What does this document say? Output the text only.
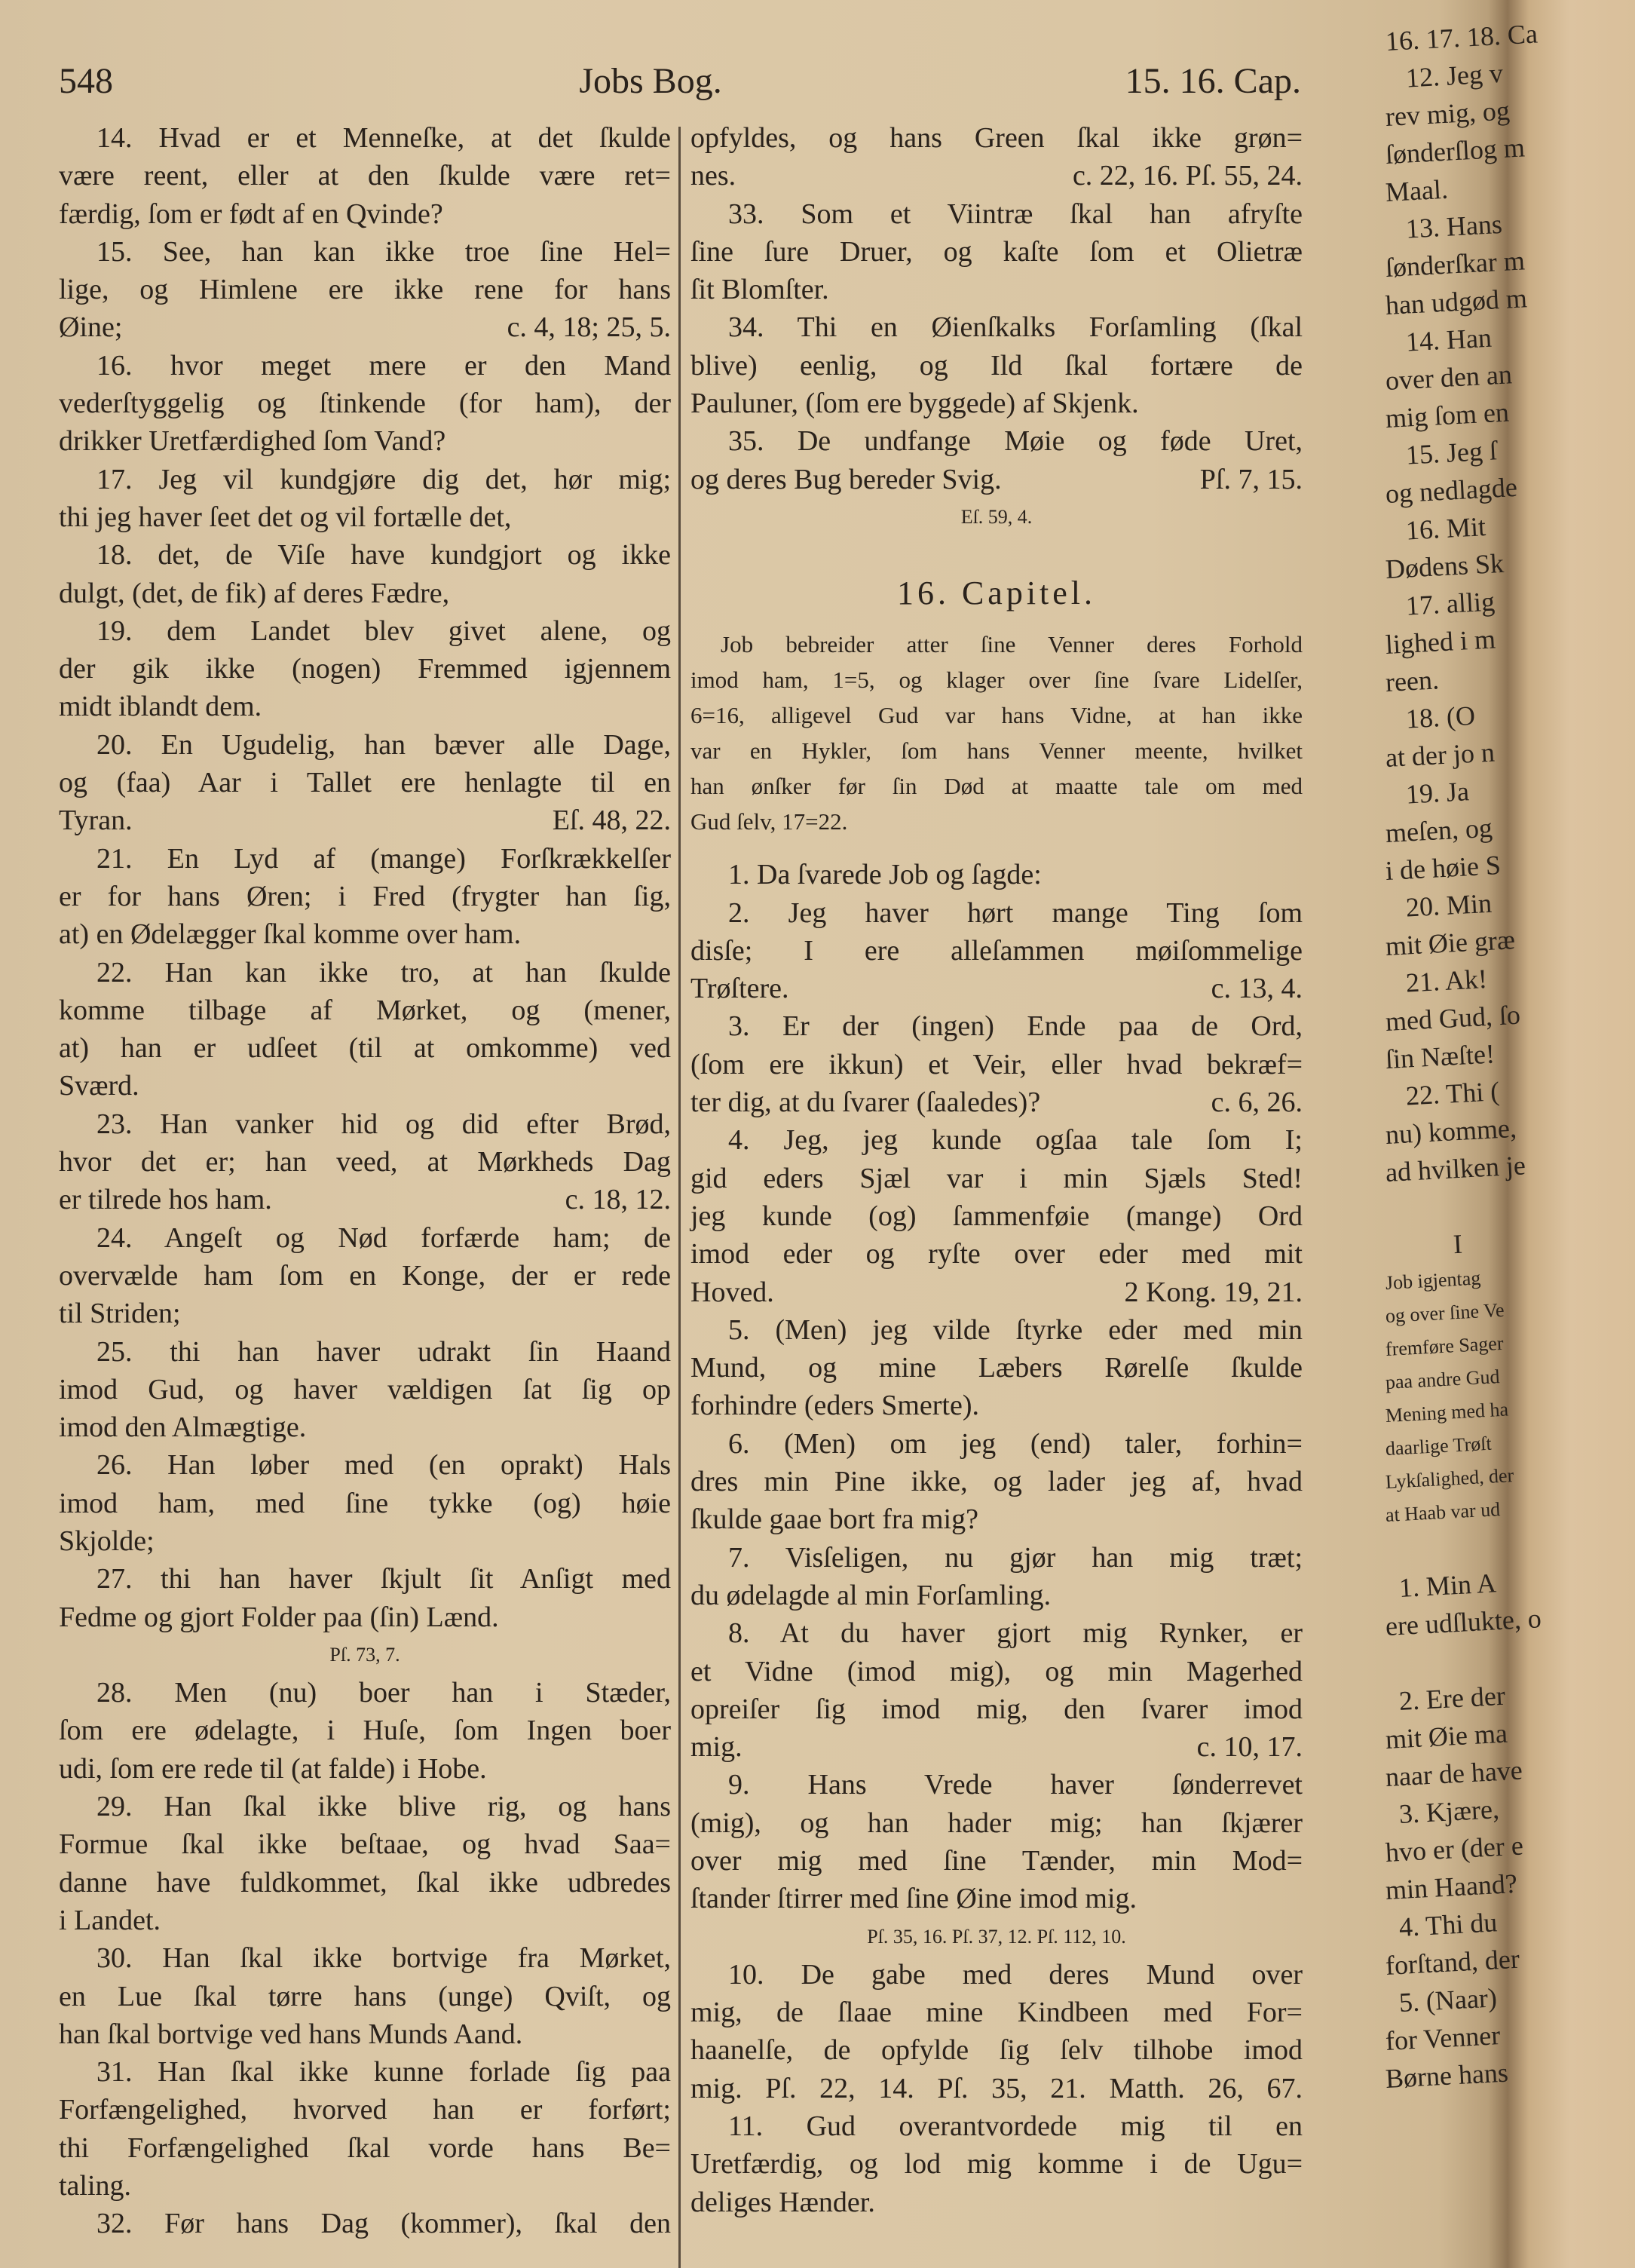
548	Jobs Bog.	15. 16. Cap.
14. Hvad er et Menneſke, at det ſkulde
være reent, eller at den ſkulde være ret=
færdig, ſom er født af en Qvinde?
15. See, han kan ikke troe ſine Hel=
lige, og Himlene ere ikke rene for hans
Øine;	c. 4, 18; 25, 5.
16. hvor meget mere er den Mand
vederſtyggelig og ſtinkende (for ham), der
drikker Uretfærdighed ſom Vand?
17. Jeg vil kundgjøre dig det, hør mig;
thi jeg haver ſeet det og vil fortælle det,
18. det, de Viſe have kundgjort og ikke
dulgt, (det, de fik) af deres Fædre,
19. dem Landet blev givet alene, og
der gik ikke (nogen) Fremmed igjennem
midt iblandt dem.
20. En Ugudelig, han bæver alle Dage,
og (faa) Aar i Tallet ere henlagte til en
Tyran.	Eſ. 48, 22.
21. En Lyd af (mange) Forſkrækkelſer
er for hans Øren; i Fred (frygter han ſig,
at) en Ødelægger ſkal komme over ham.
22. Han kan ikke tro, at han ſkulde
komme tilbage af Mørket, og (mener,
at) han er udſeet (til at omkomme) ved
Sværd.
23. Han vanker hid og did efter Brød,
hvor det er; han veed, at Mørkheds Dag
er tilrede hos ham.	c. 18, 12.
24. Angeſt og Nød forfærde ham; de
overvælde ham ſom en Konge, der er rede
til Striden;
25. thi han haver udrakt ſin Haand
imod Gud, og haver vældigen ſat ſig op
imod den Almægtige.
26. Han løber med (en oprakt) Hals
imod ham, med ſine tykke (og) høie
Skjolde;
27. thi han haver ſkjult ſit Anſigt med
Fedme og gjort Folder paa (ſin) Lænd.
Pſ. 73, 7.
28. Men (nu) boer han i Stæder,
ſom ere ødelagte, i Huſe, ſom Ingen boer
udi, ſom ere rede til (at falde) i Hobe.
29. Han ſkal ikke blive rig, og hans
Formue ſkal ikke beſtaae, og hvad Saa=
danne have fuldkommet, ſkal ikke udbredes
i Landet.
30. Han ſkal ikke bortvige fra Mørket,
en Lue ſkal tørre hans (unge) Qviſt, og
han ſkal bortvige ved hans Munds Aand.
31. Han ſkal ikke kunne forlade ſig paa
Forfængelighed, hvorved han er forført;
thi Forfængelighed ſkal vorde hans Be=
taling.
32. Før hans Dag (kommer), ſkal den
opfyldes, og hans Green ſkal ikke grøn=
nes.	c. 22, 16. Pſ. 55, 24.
33. Som et Viintræ ſkal han afryſte
ſine ſure Druer, og kaſte ſom et Olietræ
ſit Blomſter.
34. Thi en Øienſkalks Forſamling (ſkal
blive) eenlig, og Ild ſkal fortære de
Pauluner, (ſom ere byggede) af Skjenk.
35. De undfange Møie og føde Uret,
og deres Bug bereder Svig.	Pſ. 7, 15.
Eſ. 59, 4.
16. Capitel.
Job bebreider atter ſine Venner deres Forhold
imod ham, 1=5, og klager over ſine ſvare Lidelſer,
6=16, alligevel Gud var hans Vidne, at han ikke
var en Hykler, ſom hans Venner meente, hvilket
han ønſker før ſin Død at maatte tale om med
Gud ſelv, 17=22.
1. Da ſvarede Job og ſagde:
2. Jeg haver hørt mange Ting ſom
disſe; I ere alleſammen møiſommelige
Trøſtere.	c. 13, 4.
3. Er der (ingen) Ende paa de Ord,
(ſom ere ikkun) et Veir, eller hvad bekræf=
ter dig, at du ſvarer (ſaaledes)?	c. 6, 26.
4. Jeg, jeg kunde ogſaa tale ſom I;
gid eders Sjæl var i min Sjæls Sted!
jeg kunde (og) ſammenføie (mange) Ord
imod eder og ryſte over eder med mit
Hoved.	2 Kong. 19, 21.
5. (Men) jeg vilde ſtyrke eder med min
Mund, og mine Læbers Rørelſe ſkulde
forhindre (eders Smerte).
6. (Men) om jeg (end) taler, forhin=
dres min Pine ikke, og lader jeg af, hvad
ſkulde gaae bort fra mig?
7. Visſeligen, nu gjør han mig træt;
du ødelagde al min Forſamling.
8. At du haver gjort mig Rynker, er
et Vidne (imod mig), og min Magerhed
opreiſer ſig imod mig, den ſvarer imod
mig.	c. 10, 17.
9. Hans Vrede haver ſønderrevet
(mig), og han hader mig; han ſkjærer
over mig med ſine Tænder, min Mod=
ſtander ſtirrer med ſine Øine imod mig.
Pſ. 35, 16. Pſ. 37, 12. Pſ. 112, 10.
10. De gabe med deres Mund over
mig, de ſlaae mine Kindbeen med For=
haanelſe, de opfylde ſig ſelv tilhobe imod
mig. Pſ. 22, 14. Pſ. 35, 21. Matth. 26, 67.
11. Gud overantvordede mig til en
Uretfærdig, og lod mig komme i de Ugu=
deliges Hænder.
16. 17. 18. Ca
12. Jeg v
rev mig, og
ſønderſlog m
Maal.
13. Hans
ſønderſkar m
han udgød m
14. Han
over den an
mig ſom en
15. Jeg ſ
og nedlagde
16. Mit
Dødens Sk
17. allig
lighed i m
reen.
18. (O
at der jo n
19. Ja
meſen, og
i de høie S
20. Min
mit Øie græ
21. Ak!
med Gud, ſo
ſin Næſte!
22. Thi (
nu) komme,
ad hvilken je
I
Job igjentag
og over ſine Ve
fremføre Sager
paa andre Gud
Mening med ha
daarlige Trøſt
Lykſalighed, der
at Haab var ud
1. Min A
ere udſlukte, o
2. Ere der
mit Øie ma
naar de have
3. Kjære,
hvo er (der e
min Haand?
4. Thi du
forſtand, der
5. (Naar)
for Venner
Børne hans
